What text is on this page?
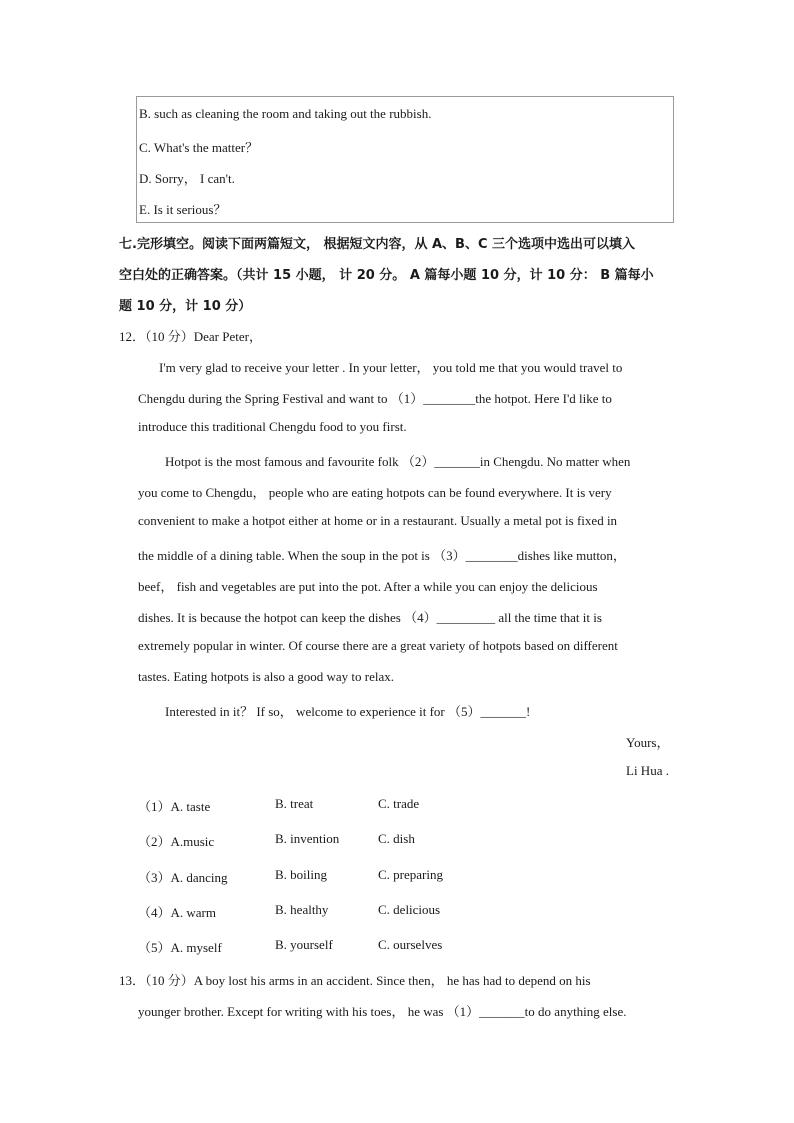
B. such as cleaning the room and taking out the rubbish.
C. What's the matter？
D. Sorry， I can't.
E. Is it serious？
七.完形填空。阅读下面两篇短文， 根据短文内容，从 A、B、C 三个选项中选出可以填入
空白处的正确答案。（共计 15 小题， 计 20 分。 A 篇每小题 10 分，计 10 分： B 篇每小
题 10 分，计 10 分）
12．（10 分）Dear Peter，
I'm very glad to receive your letter . In your letter， you told me that you would travel to
Chengdu during the Spring Festival and want to （1）________the hotpot. Here I'd like to
introduce this traditional Chengdu food to you first.
Hotpot is the most famous and favourite folk （2）_______in Chengdu. No matter when
you come to Chengdu， people who are eating hotpots can be found everywhere. It is very
convenient to make a hotpot either at home or in a restaurant. Usually a metal pot is fixed in
the middle of a dining table. When the soup in the pot is （3）________dishes like mutton，
beef， fish and vegetables are put into the pot. After a while you can enjoy the delicious
dishes. It is because the hotpot can keep the dishes （4）_________ all the time that it is
extremely popular in winter. Of course there are a great variety of hotpots based on different
tastes. Eating hotpots is also a good way to relax.
Interested in it？ If so， welcome to experience it for （5）_______!
Yours，
Li Hua .
（1）A. taste	B. treat	C. trade
（2）A.music	B. invention	C. dish
（3）A. dancing	B. boiling	C. preparing
（4）A. warm	B. healthy	C. delicious
（5）A. myself	B. yourself	C. ourselves
13．（10 分）A boy lost his arms in an accident. Since then， he has had to depend on his
younger brother. Except for writing with his toes， he was （1）_______to do anything else.
